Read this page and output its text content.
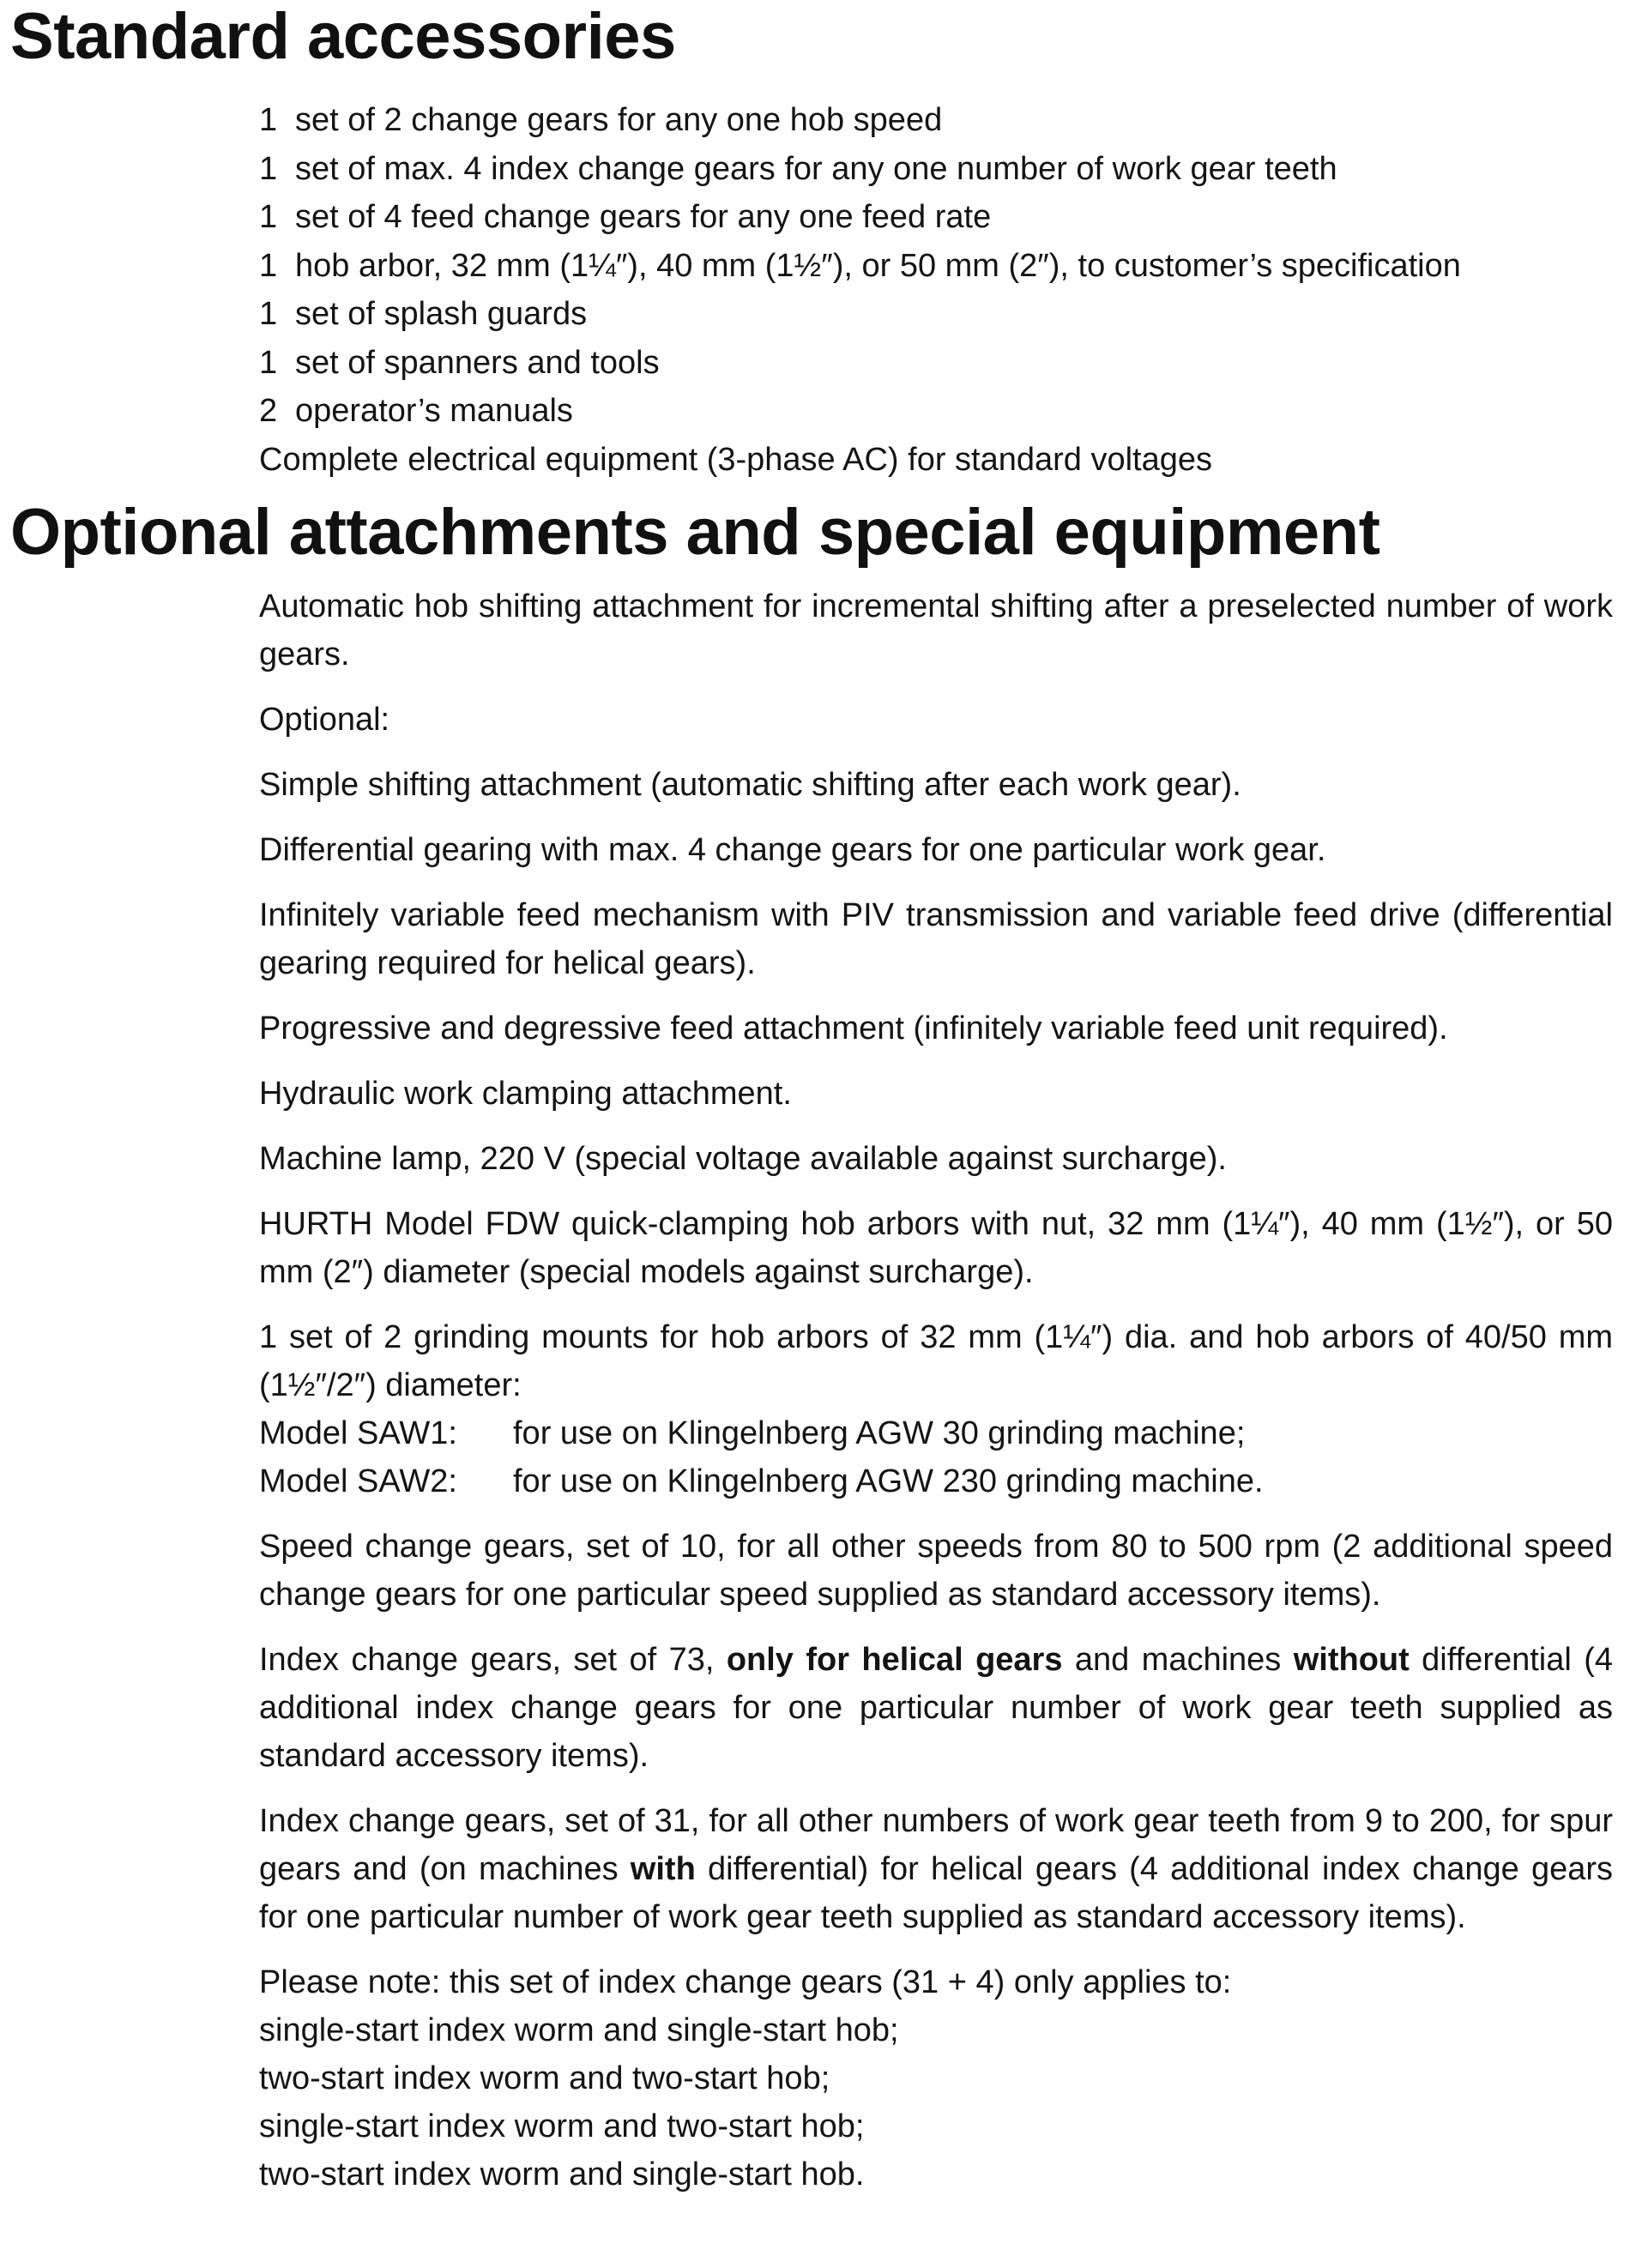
Standard accessories
1 set of 2 change gears for any one hob speed
1 set of max. 4 index change gears for any one number of work gear teeth
1 set of 4 feed change gears for any one feed rate
1 hob arbor, 32 mm (1¼″), 40 mm (1½″), or 50 mm (2″), to customer’s specification
1 set of splash guards
1 set of spanners and tools
2 operator’s manuals
Complete electrical equipment (3-phase AC) for standard voltages
Optional attachments and special equipment

Automatic hob shifting attachment for incremental shifting after a preselected number of work gears.

Optional:

Simple shifting attachment (automatic shifting after each work gear).

Differential gearing with max. 4 change gears for one particular work gear.

Infinitely variable feed mechanism with PIV transmission and variable feed drive (differential gearing required for helical gears).

Progressive and degressive feed attachment (infinitely variable feed unit required).

Hydraulic work clamping attachment.

Machine lamp, 220 V (special voltage available against surcharge).

HURTH Model FDW quick-clamping hob arbors with nut, 32 mm (1¼″), 40 mm (1½″), or 50 mm (2″) diameter (special models against surcharge).

1 set of 2 grinding mounts for hob arbors of 32 mm (1¼″) dia. and hob arbors of 40/50 mm (1½″/2″) diameter:

Model SAW1: for use on Klingelnberg AGW 30 grinding machine;
Model SAW2: for use on Klingelnberg AGW 230 grinding machine.

Speed change gears, set of 10, for all other speeds from 80 to 500 rpm (2 additional speed change gears for one particular speed supplied as standard accessory items).

Index change gears, set of 73, only for helical gears and machines without differential (4 additional index change gears for one particular number of work gear teeth supplied as standard accessory items).

Index change gears, set of 31, for all other numbers of work gear teeth from 9 to 200, for spur gears and (on machines with differential) for helical gears (4 additional index change gears for one particular number of work gear teeth supplied as standard accessory items).

Please note: this set of index change gears (31 + 4) only applies to:

single-start index worm and single-start hob;

two-start index worm and two-start hob;

single-start index worm and two-start hob;

two-start index worm and single-start hob.
